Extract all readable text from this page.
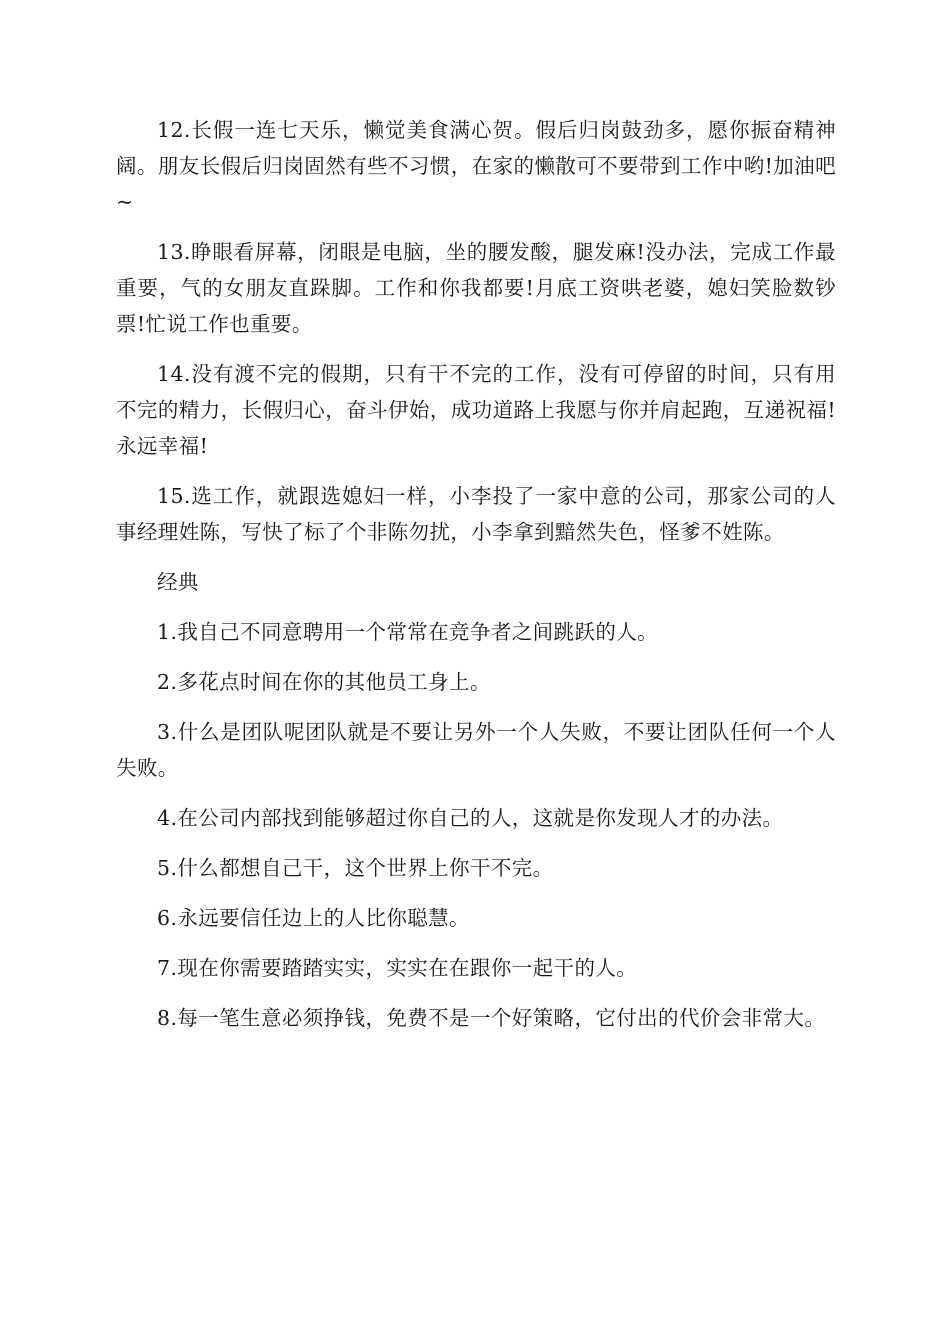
12.长假一连七天乐，懒觉美食满心贺。假后归岗鼓劲多，愿你振奋精神阔。朋友长假后归岗固然有些不习惯，在家的懒散可不要带到工作中哟!加油吧~

13.睁眼看屏幕，闭眼是电脑，坐的腰发酸，腿发麻!没办法，完成工作最重要，气的女朋友直跺脚。工作和你我都要!月底工资哄老婆，媳妇笑脸数钞票!忙说工作也重要。

14.没有渡不完的假期，只有干不完的工作，没有可停留的时间，只有用不完的精力，长假归心，奋斗伊始，成功道路上我愿与你并肩起跑，互递祝福!永远幸福!

15.选工作，就跟选媳妇一样，小李投了一家中意的公司，那家公司的人事经理姓陈，写快了标了个非陈勿扰，小李拿到黯然失色，怪爹不姓陈。

经典

1.我自己不同意聘用一个常常在竞争者之间跳跃的人。

2.多花点时间在你的其他员工身上。

3.什么是团队呢团队就是不要让另外一个人失败，不要让团队任何一个人失败。

4.在公司内部找到能够超过你自己的人，这就是你发现人才的办法。

5.什么都想自己干，这个世界上你干不完。

6.永远要信任边上的人比你聪慧。

7.现在你需要踏踏实实，实实在在跟你一起干的人。

8.每一笔生意必须挣钱，免费不是一个好策略，它付出的代价会非常大。
